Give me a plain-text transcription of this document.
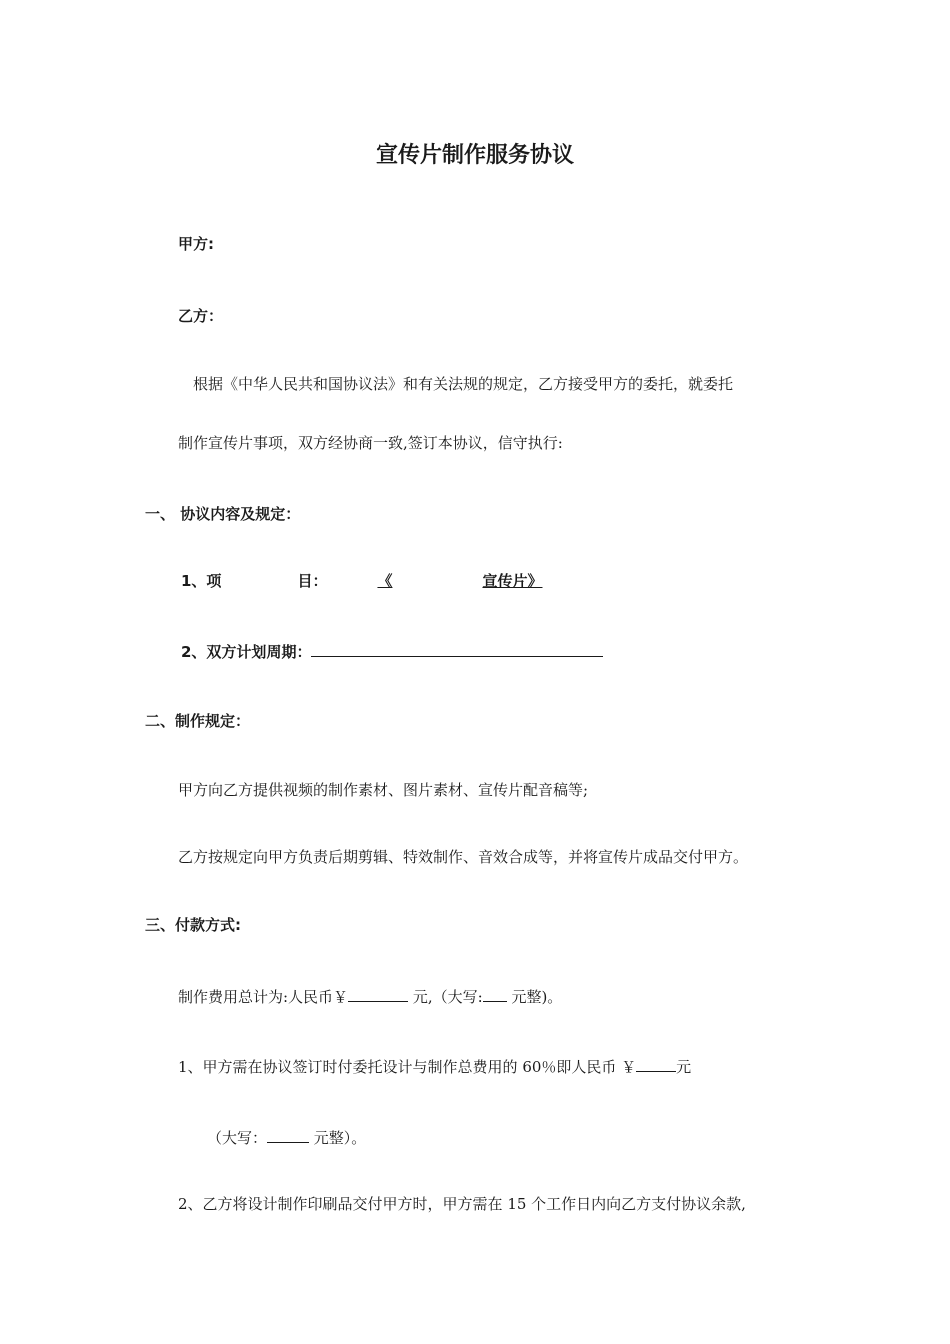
宣传片制作服务协议
甲方:
乙方：
根据《中华人民共和国协议法》和有关法规的规定，乙方接受甲方的委托，就委托
制作宣传片事项，双方经协商一致,签订本协议，信守执行:
一、 协议内容及规定：
1、项	目：	《	宣传片》
2、双方计划周期：
二、制作规定：
甲方向乙方提供视频的制作素材、图片素材、宣传片配音稿等;
乙方按规定向甲方负责后期剪辑、特效制作、音效合成等，并将宣传片成品交付甲方。
三、付款方式:
制作费用总计为:人民币￥	元,（大写: 元整)。
1、甲方需在协议签订时付委托设计与制作总费用的 60％即人民币 ￥	元
（大写：	元整）。
2、乙方将设计制作印刷品交付甲方时，甲方需在 15 个工作日内向乙方支付协议余款,
